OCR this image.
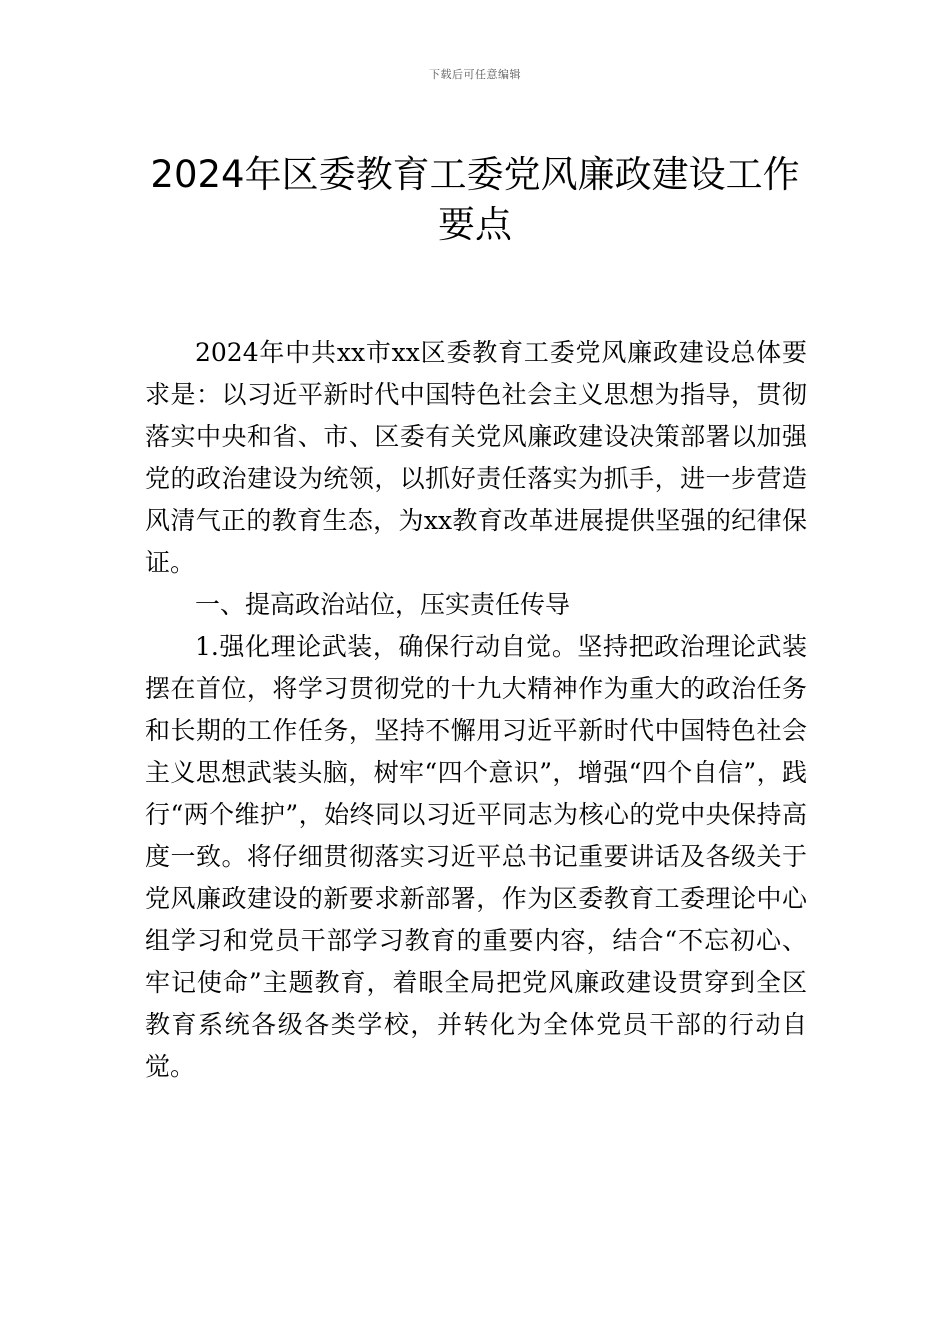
下载后可任意编辑
2024年区委教育工委党风廉政建设工作要点

2024年中共xx市xx区委教育工委党风廉政建设总体要求是：以习近平新时代中国特色社会主义思想为指导，贯彻落实中央和省、市、区委有关党风廉政建设决策部署以加强党的政治建设为统领，以抓好责任落实为抓手，进一步营造风清气正的教育生态，为xx教育改革进展提供坚强的纪律保证。

一、提高政治站位，压实责任传导

1.强化理论武装，确保行动自觉。坚持把政治理论武装摆在首位，将学习贯彻党的十九大精神作为重大的政治任务和长期的工作任务，坚持不懈用习近平新时代中国特色社会主义思想武装头脑，树牢“四个意识”，增强“四个自信”，践行“两个维护”，始终同以习近平同志为核心的党中央保持高度一致。将仔细贯彻落实习近平总书记重要讲话及各级关于党风廉政建设的新要求新部署，作为区委教育工委理论中心组学习和党员干部学习教育的重要内容，结合“不忘初心、牢记使命”主题教育，着眼全局把党风廉政建设贯穿到全区教育系统各级各类学校，并转化为全体党员干部的行动自觉。
